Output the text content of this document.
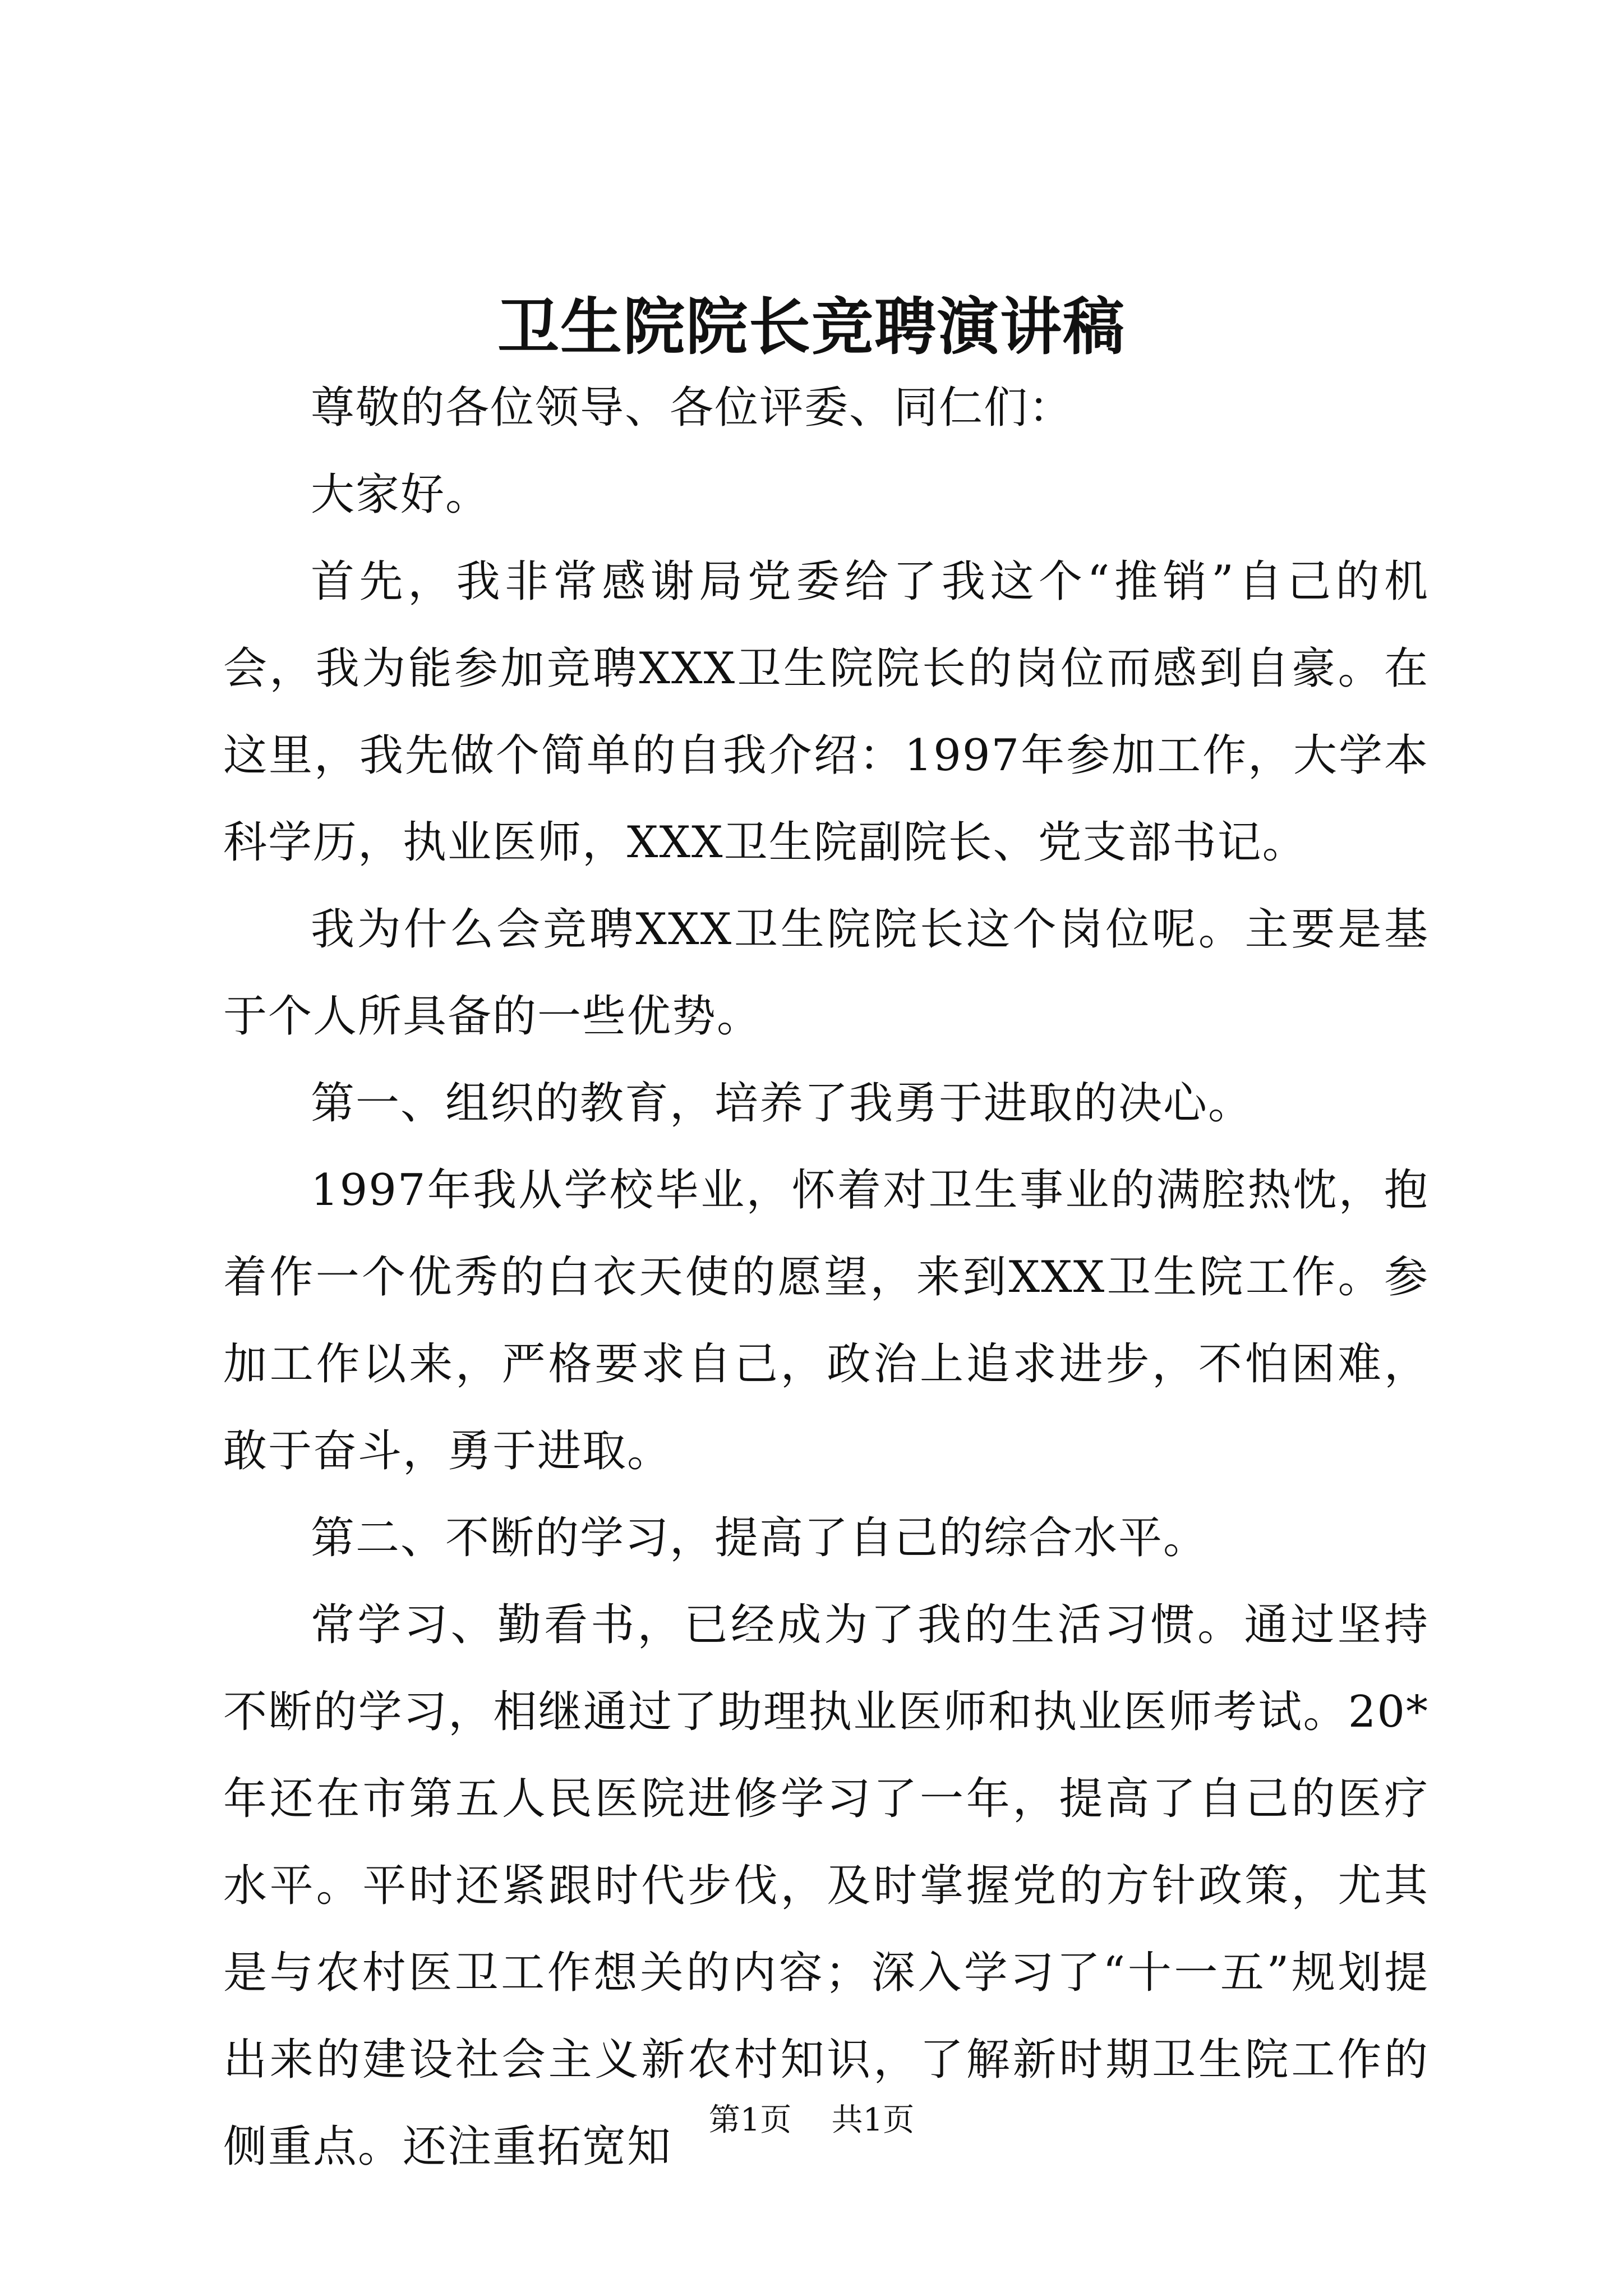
卫生院院长竞聘演讲稿

尊敬的各位领导、各位评委、同仁们：

大家好。

首先，我非常感谢局党委给了我这个“推销”自己的机会，我为能参加竞聘XXX卫生院院长的岗位而感到自豪。在这里，我先做个简单的自我介绍：1997年参加工作，大学本科学历，执业医师，XXX卫生院副院长、党支部书记。

我为什么会竞聘XXX卫生院院长这个岗位呢。主要是基于个人所具备的一些优势。

第一、组织的教育，培养了我勇于进取的决心。

1997年我从学校毕业，怀着对卫生事业的满腔热忱，抱着作一个优秀的白衣天使的愿望，来到XXX卫生院工作。参加工作以来，严格要求自己，政治上追求进步，不怕困难，敢于奋斗，勇于进取。

第二、不断的学习，提高了自己的综合水平。

常学习、勤看书，已经成为了我的生活习惯。通过坚持不断的学习，相继通过了助理执业医师和执业医师考试。20*年还在市第五人民医院进修学习了一年，提高了自己的医疗水平。平时还紧跟时代步伐，及时掌握党的方针政策，尤其是与农村医卫工作想关的内容；深入学习了“十一五”规划提出来的建设社会主义新农村知识，了解新时期卫生院工作的侧重点。还注重拓宽知

第1页 共1页
